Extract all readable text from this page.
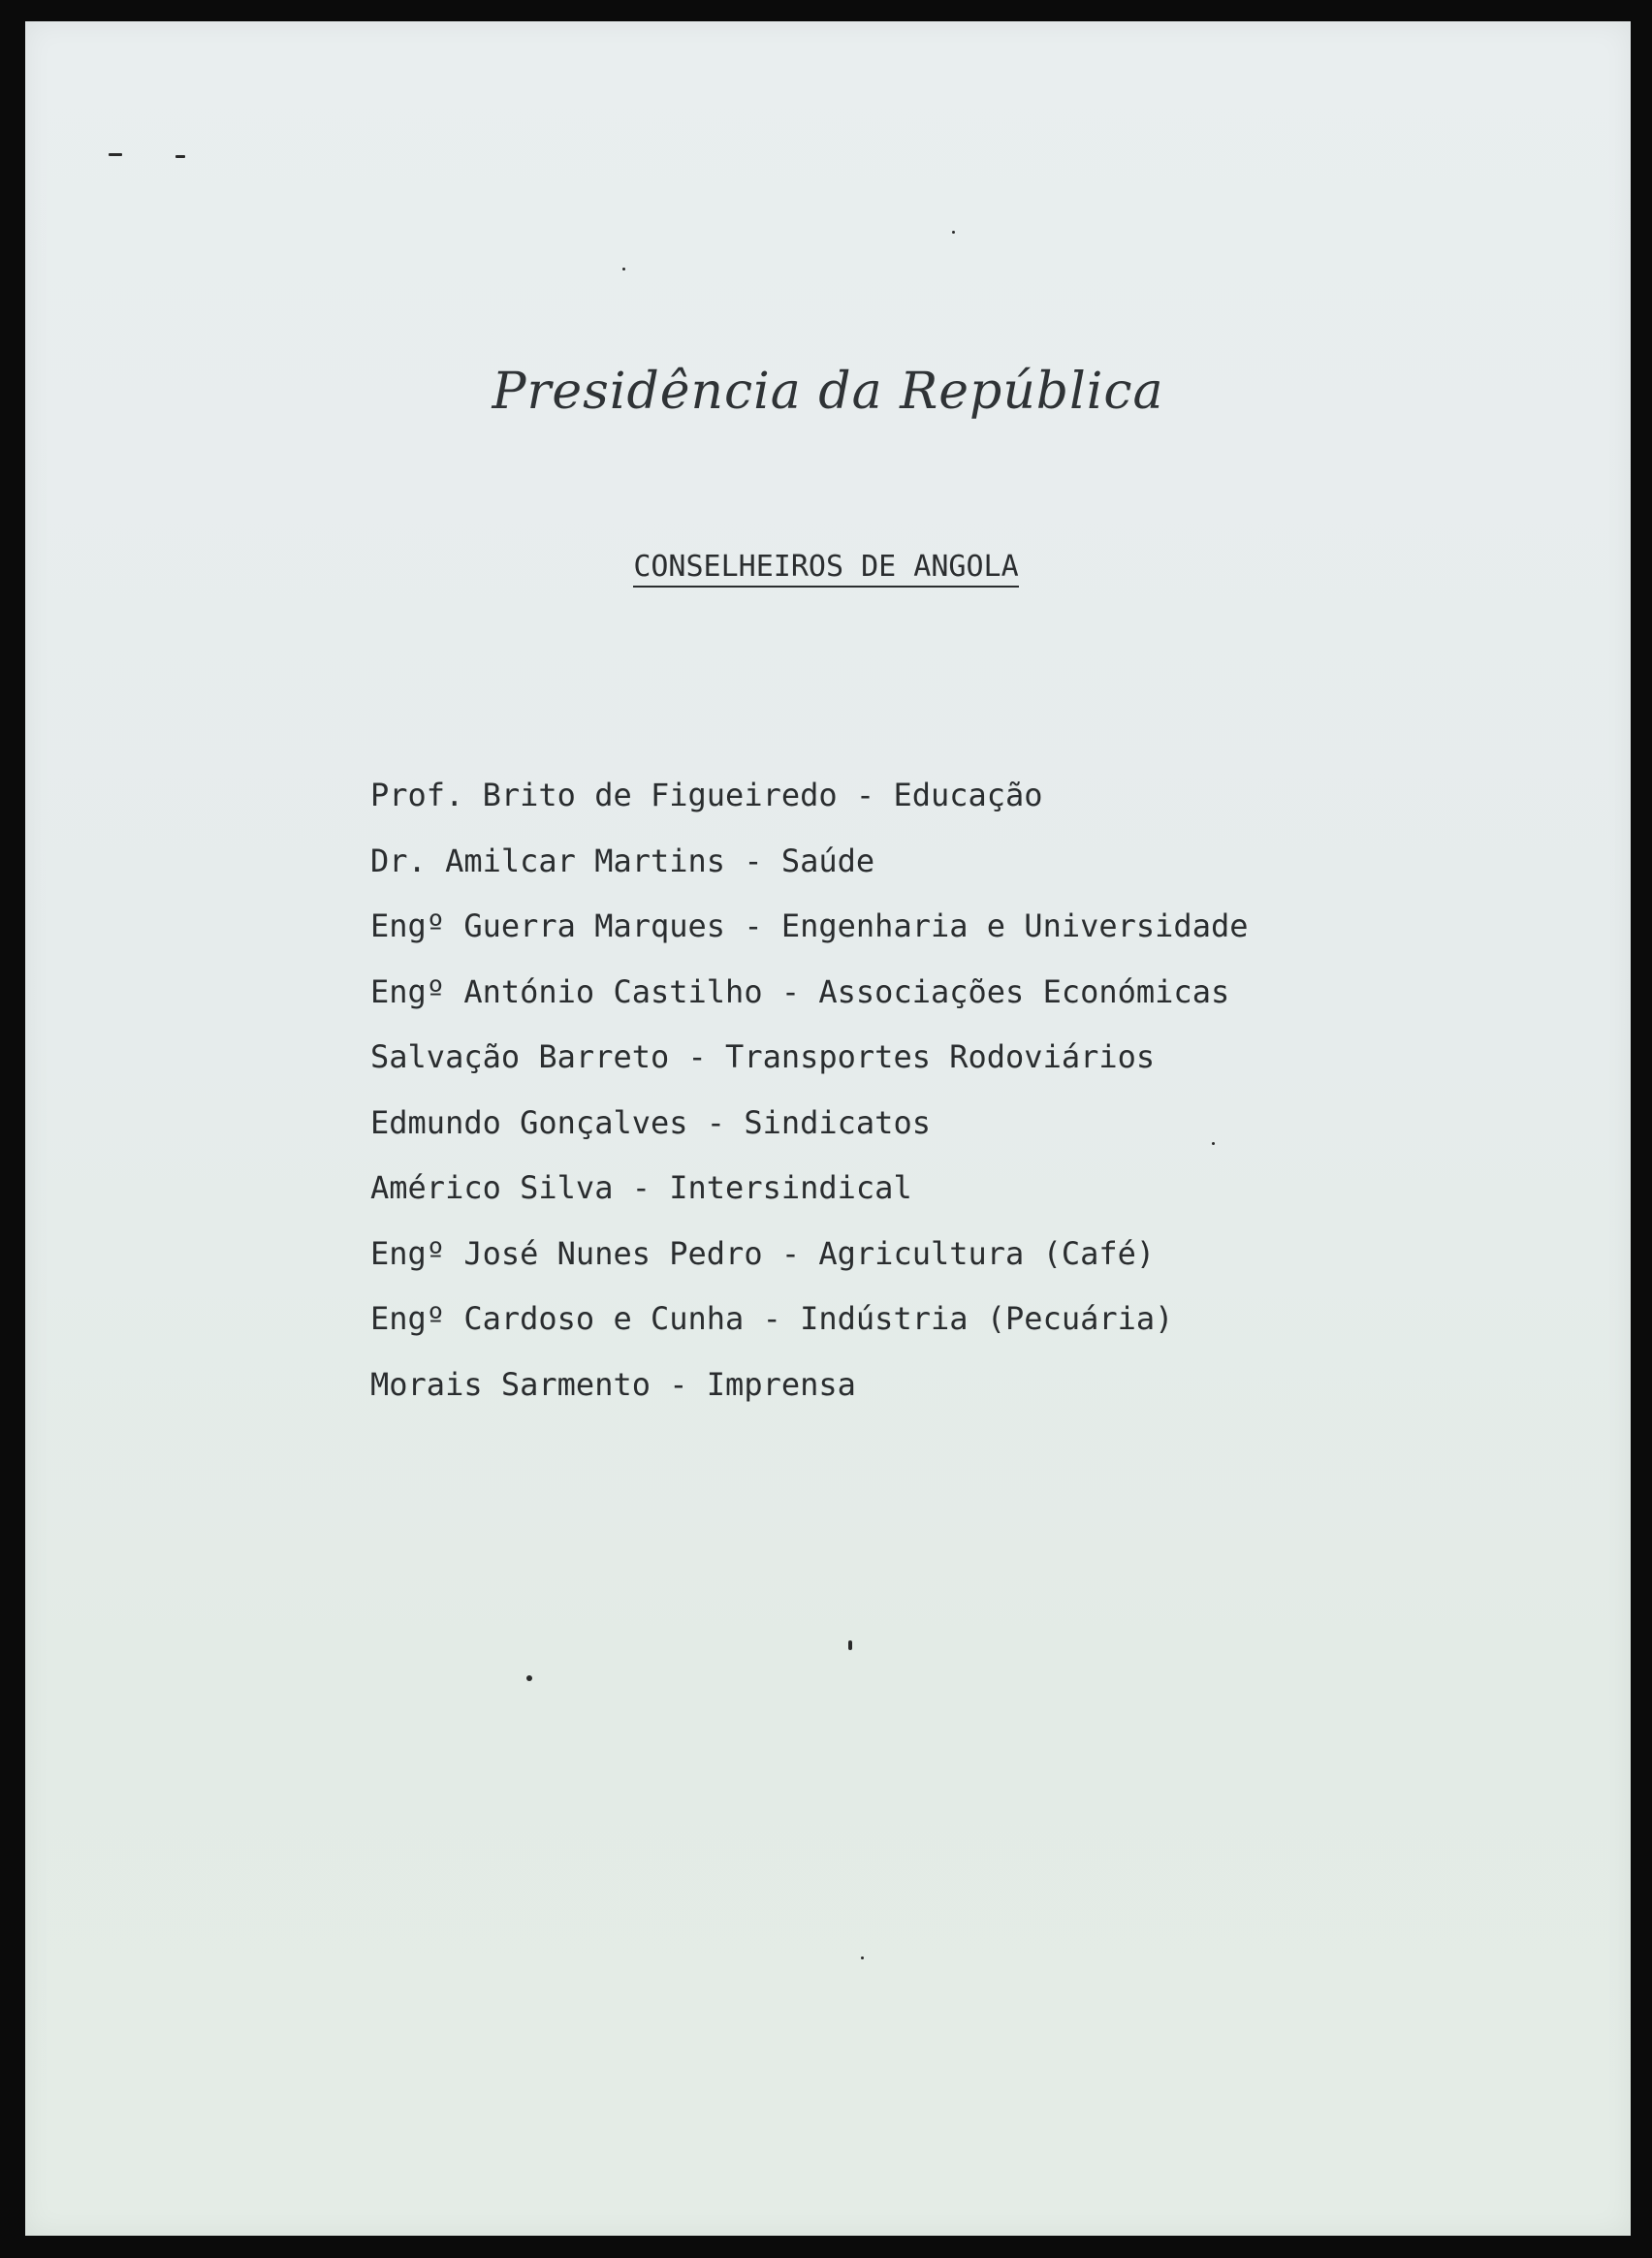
Presidência da República
CONSELHEIROS DE ANGOLA
Prof. Brito de Figueiredo - Educação
Dr. Amilcar Martins - Saúde
Engº Guerra Marques - Engenharia e Universidade
Engº António Castilho - Associações Económicas
Salvação Barreto - Transportes Rodoviários
Edmundo Gonçalves - Sindicatos
Américo Silva - Intersindical
Engº José Nunes Pedro - Agricultura (Café)
Engº Cardoso e Cunha - Indústria (Pecuária)
Morais Sarmento - Imprensa
